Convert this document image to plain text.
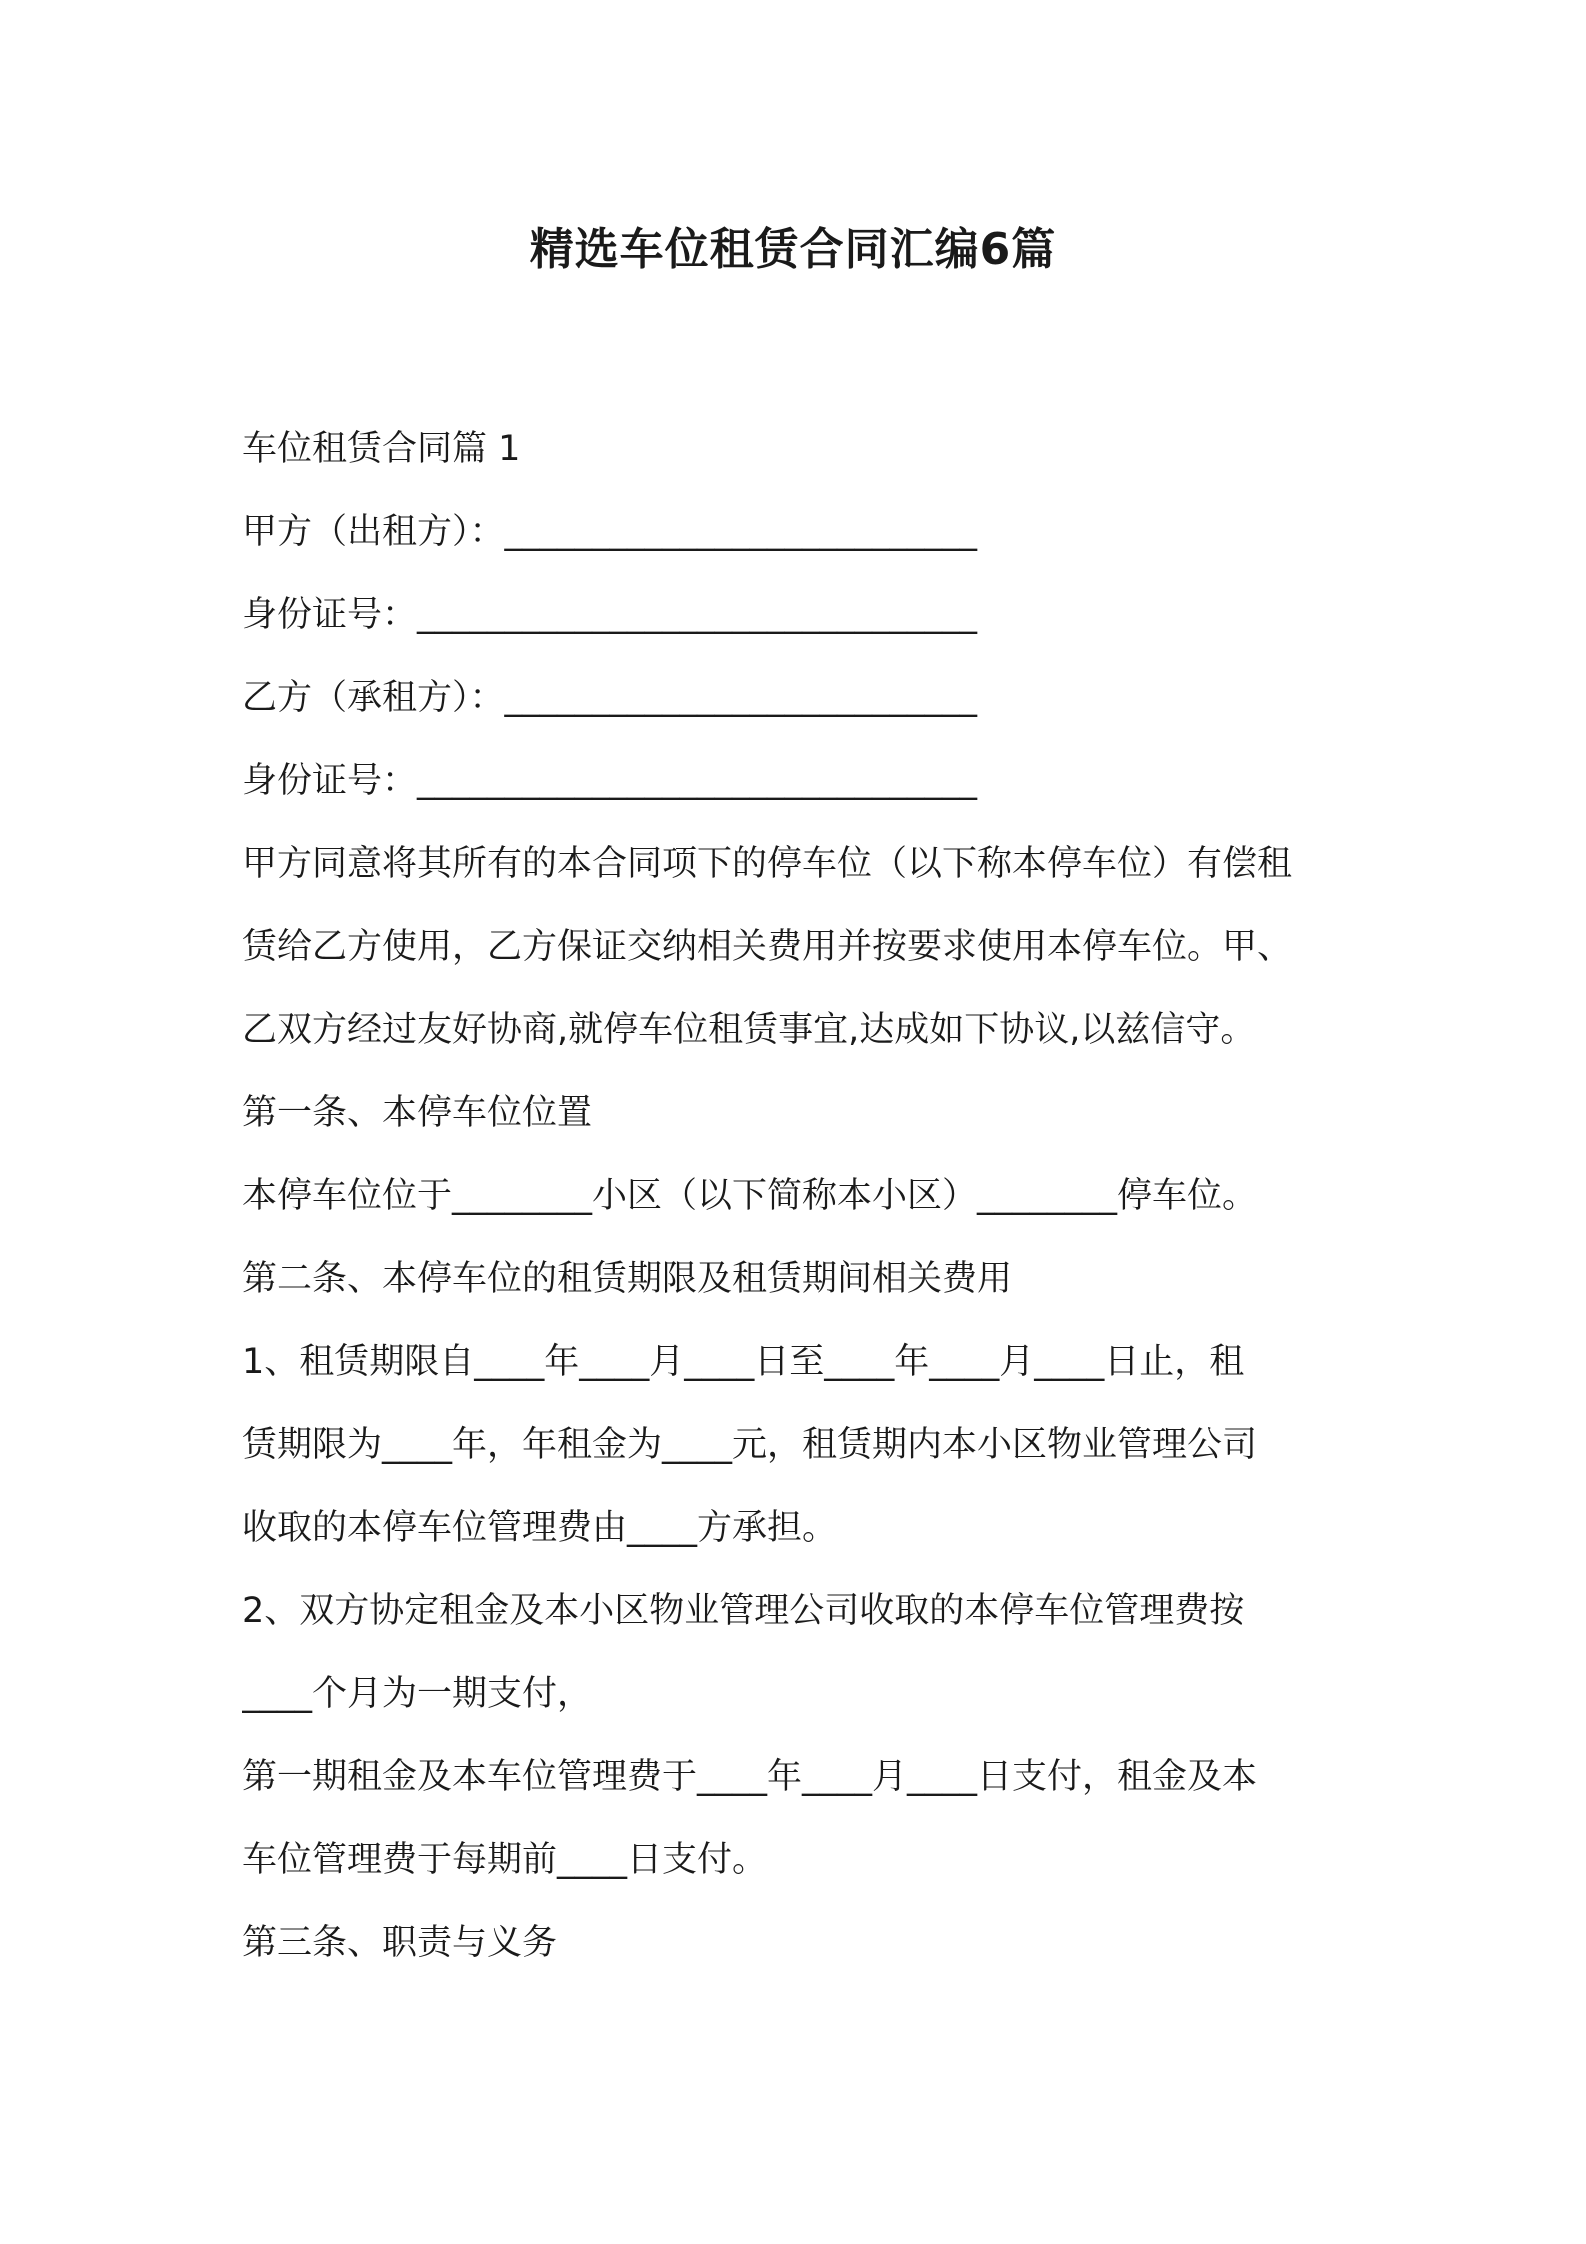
精选车位租赁合同汇编6篇
车位租赁合同篇 1
甲方（出租方）：___________________________
身份证号：________________________________
乙方（承租方）：___________________________
身份证号：________________________________
甲方同意将其所有的本合同项下的停车位（以下称本停车位）有偿租
赁给乙方使用，乙方保证交纳相关费用并按要求使用本停车位。甲、
乙双方经过友好协商,就停车位租赁事宜,达成如下协议,以兹信守。
第一条、本停车位位置
本停车位位于________小区（以下简称本小区）________停车位。
第二条、本停车位的租赁期限及租赁期间相关费用
1、租赁期限自____年____月____日至____年____月____日止，租
赁期限为____年，年租金为____元，租赁期内本小区物业管理公司
收取的本停车位管理费由____方承担。
2、双方协定租金及本小区物业管理公司收取的本停车位管理费按
____个月为一期支付，
第一期租金及本车位管理费于____年____月____日支付，租金及本
车位管理费于每期前____日支付。
第三条、职责与义务
